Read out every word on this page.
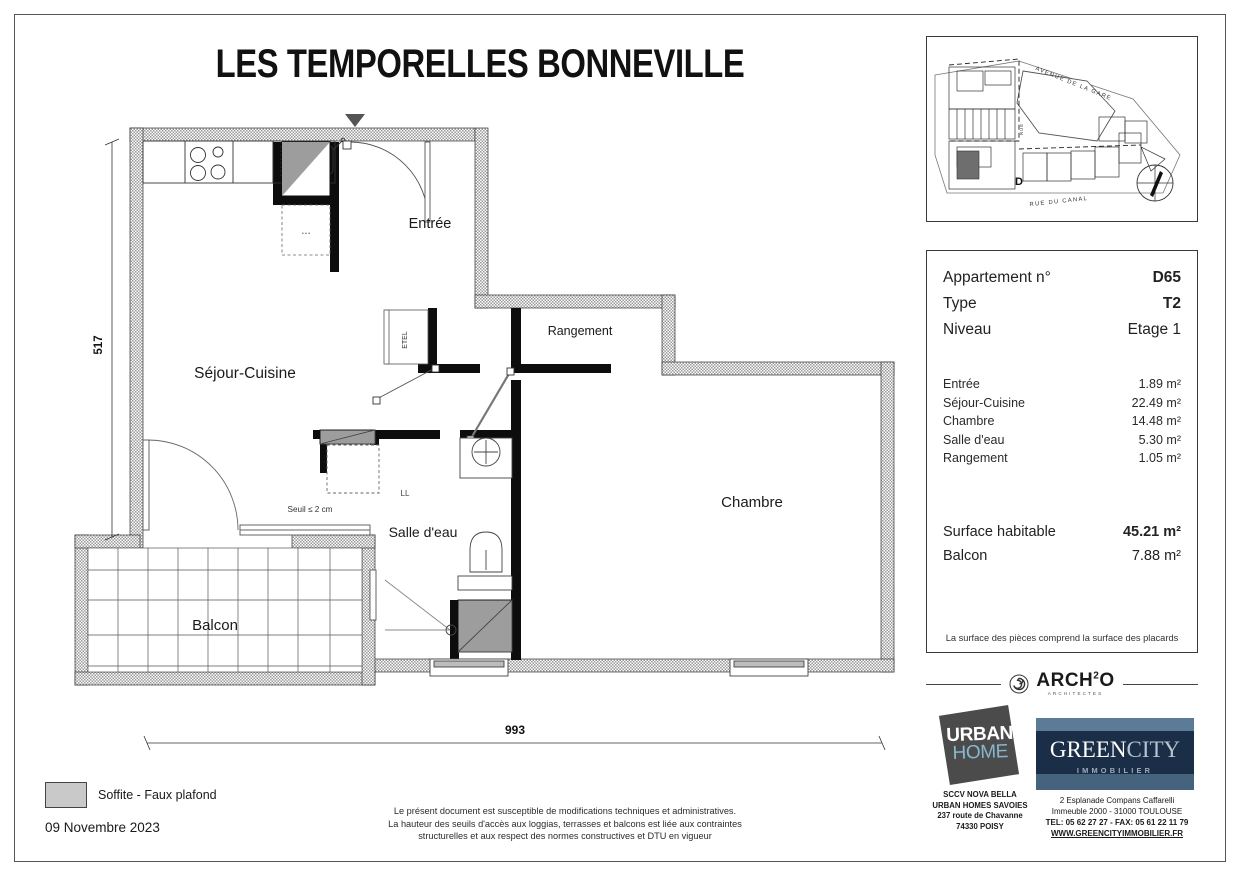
LES TEMPORELLES BONNEVILLE
• • •
ETEL
LL
Seuil ≤ 2 cm
Séjour-Cuisine
Entrée
Rangement
Chambre
Salle d'eau
Balcon
517
993
AVENUE DE LA GARE
RUE DU CANAL
RUE
D
Appartement n°	D65
Type	T2
Niveau	Etage 1
Entrée	1.89 m²
Séjour-Cuisine	22.49 m²
Chambre	14.48 m²
Salle d'eau	5.30 m²
Rangement	1.05 m²
Surface habitable	45.21 m²
Balcon	7.88 m²
La surface des pièces comprend la surface des placards
ARCH$^2$O
ARCHITECTES
URBAN
HOME
SCCV NOVA BELLA
URBAN HOMES SAVOIES
237 route de Chavanne
74330 POISY
GREENCITY
IMMOBILIER
2 Esplanade Compans Caffarelli
Immeuble 2000 - 31000 TOULOUSE
TEL: 05 62 27 27 - FAX: 05 61 22 11 79
WWW.GREENCITYIMMOBILIER.FR
Soffite - Faux plafond
09 Novembre 2023
Le présent document est susceptible de modifications techniques et administratives.
La hauteur des seuils d'accès aux loggias, terrasses et balcons est liée aux contraintes
structurelles et aux respect des normes constructives et DTU en vigueur
